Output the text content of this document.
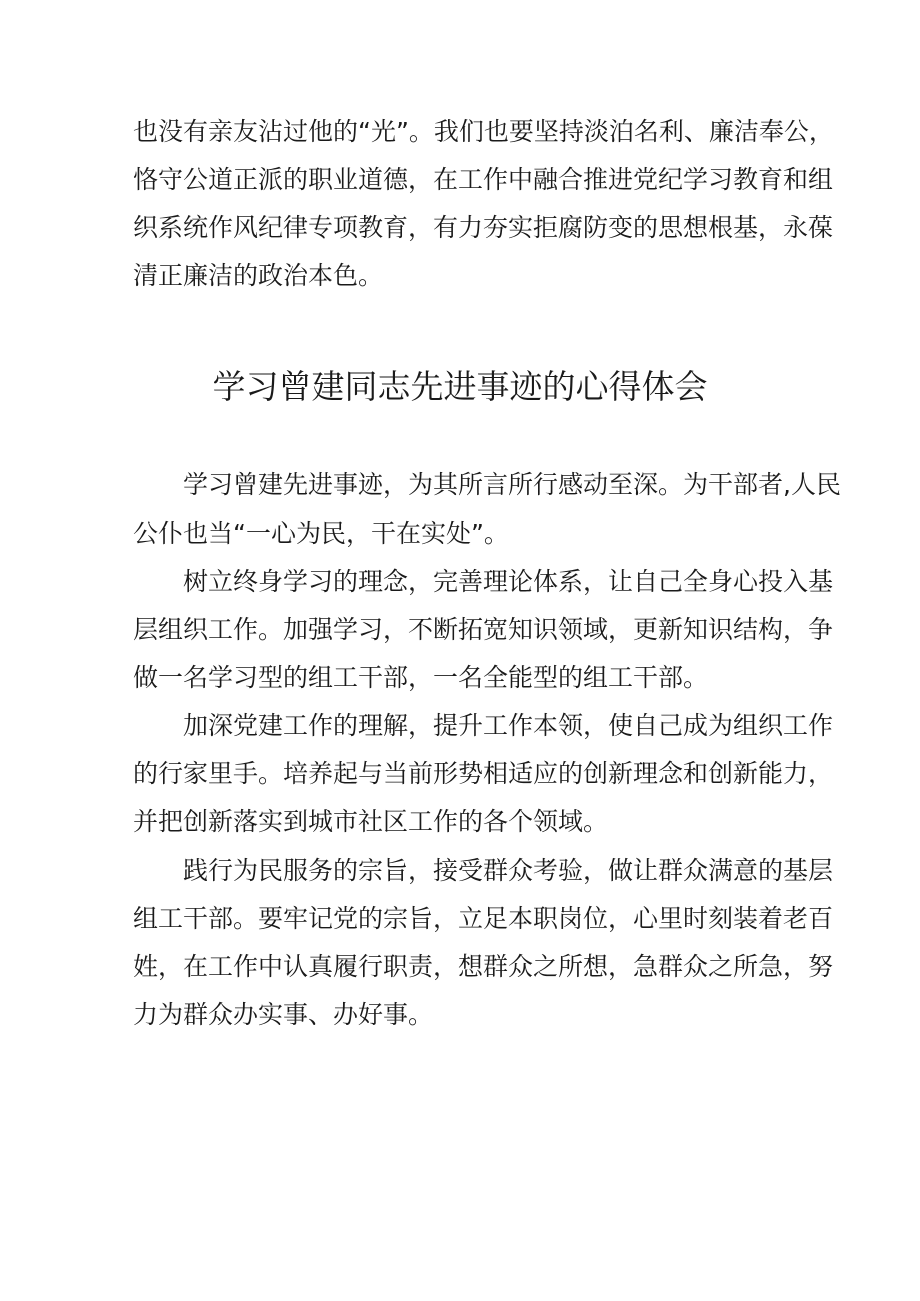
也没有亲友沾过他的“光”。我们也要坚持淡泊名利、廉洁奉公，
恪守公道正派的职业道德，在工作中融合推进党纪学习教育和组
织系统作风纪律专项教育，有力夯实拒腐防变的思想根基，永葆
清正廉洁的政治本色。
学习曾建同志先进事迹的心得体会
学习曾建先进事迹，为其所言所行感动至深。为干部者,人民
公仆也当“一心为民，干在实处”。
树立终身学习的理念，完善理论体系，让自己全身心投入基
层组织工作。加强学习，不断拓宽知识领域，更新知识结构，争
做一名学习型的组工干部，一名全能型的组工干部。
加深党建工作的理解，提升工作本领，使自己成为组织工作
的行家里手。培养起与当前形势相适应的创新理念和创新能力，
并把创新落实到城市社区工作的各个领域。
践行为民服务的宗旨，接受群众考验，做让群众满意的基层
组工干部。要牢记党的宗旨，立足本职岗位，心里时刻装着老百
姓，在工作中认真履行职责，想群众之所想，急群众之所急，努
力为群众办实事、办好事。
